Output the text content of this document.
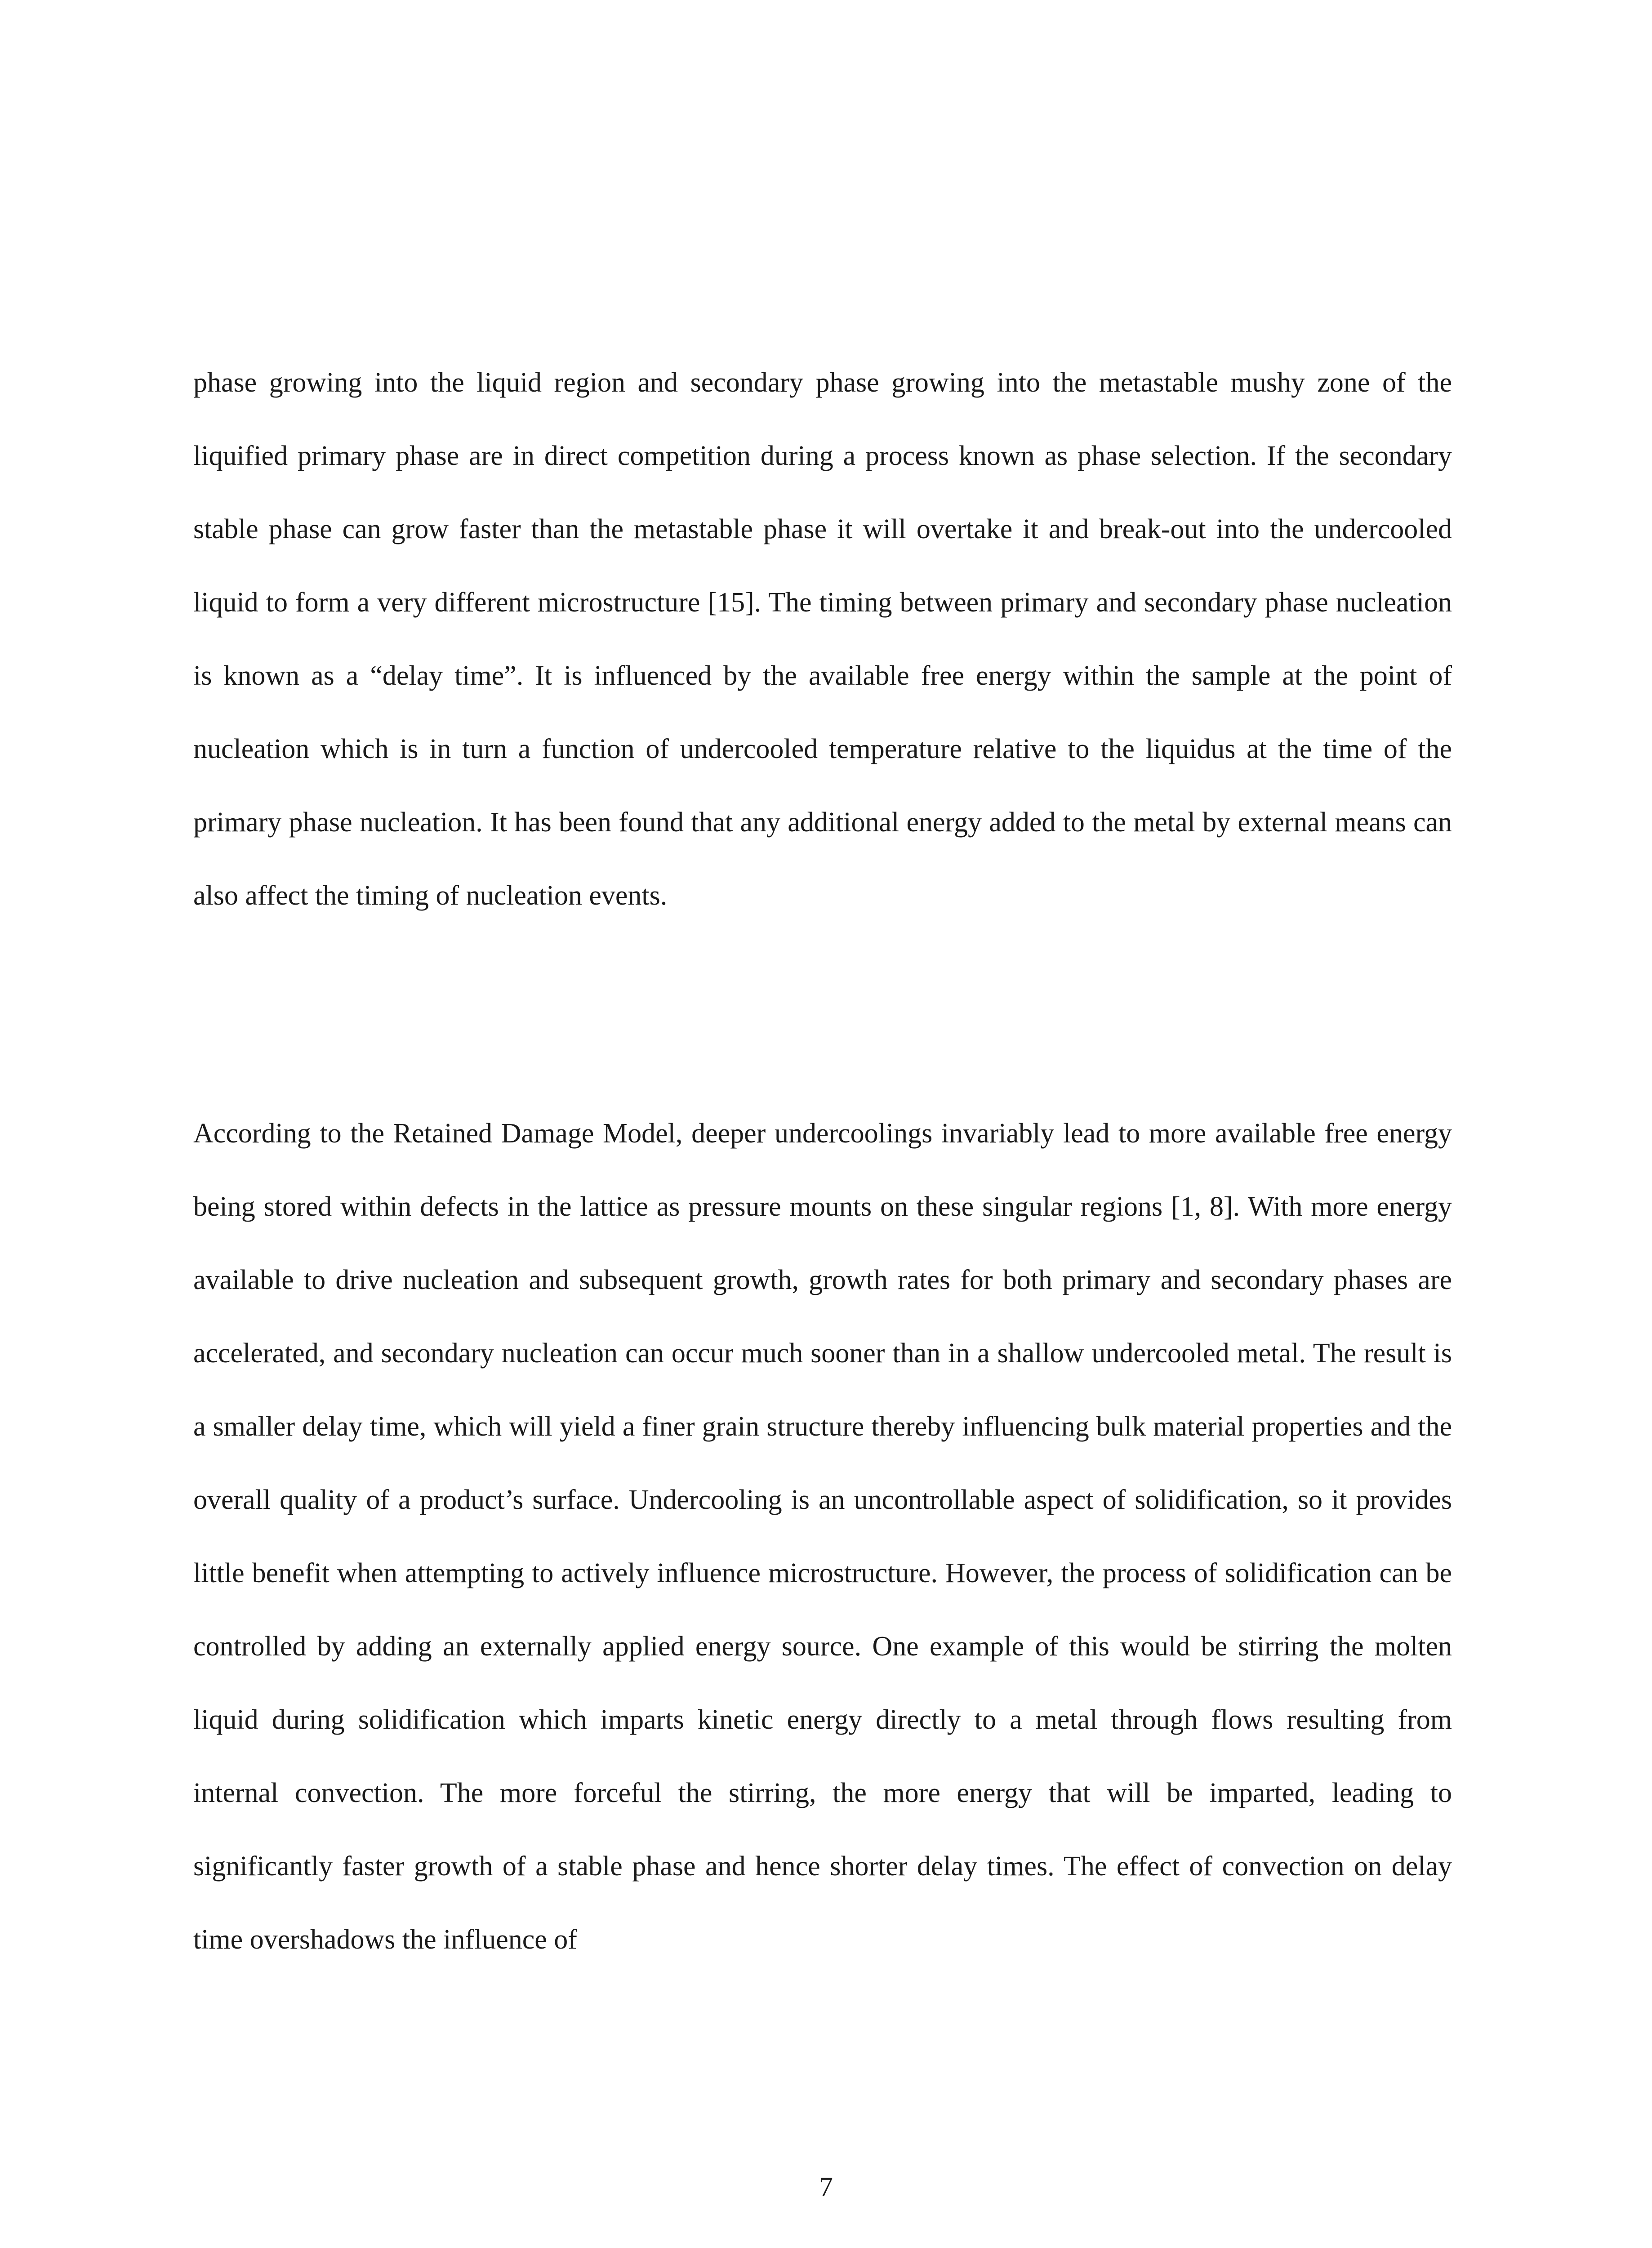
phase growing into the liquid region and secondary phase growing into the metastable mushy zone of the liquified primary phase are in direct competition during a process known as phase selection. If the secondary stable phase can grow faster than the metastable phase it will overtake it and break-out into the undercooled liquid to form a very different microstructure [15]. The timing between primary and secondary phase nucleation is known as a “delay time”. It is influenced by the available free energy within the sample at the point of nucleation which is in turn a function of undercooled temperature relative to the liquidus at the time of the primary phase nucleation. It has been found that any additional energy added to the metal by external means can also affect the timing of nucleation events.

According to the Retained Damage Model, deeper undercoolings invariably lead to more available free energy being stored within defects in the lattice as pressure mounts on these singular regions [1, 8]. With more energy available to drive nucleation and subsequent growth, growth rates for both primary and secondary phases are accelerated, and secondary nucleation can occur much sooner than in a shallow undercooled metal. The result is a smaller delay time, which will yield a finer grain structure thereby influencing bulk material properties and the overall quality of a product’s surface. Undercooling is an uncontrollable aspect of solidification, so it provides little benefit when attempting to actively influence microstructure. However, the process of solidification can be controlled by adding an externally applied energy source. One example of this would be stirring the molten liquid during solidification which imparts kinetic energy directly to a metal through flows resulting from internal convection. The more forceful the stirring, the more energy that will be imparted, leading to significantly faster growth of a stable phase and hence shorter delay times. The effect of convection on delay time overshadows the influence of

7
